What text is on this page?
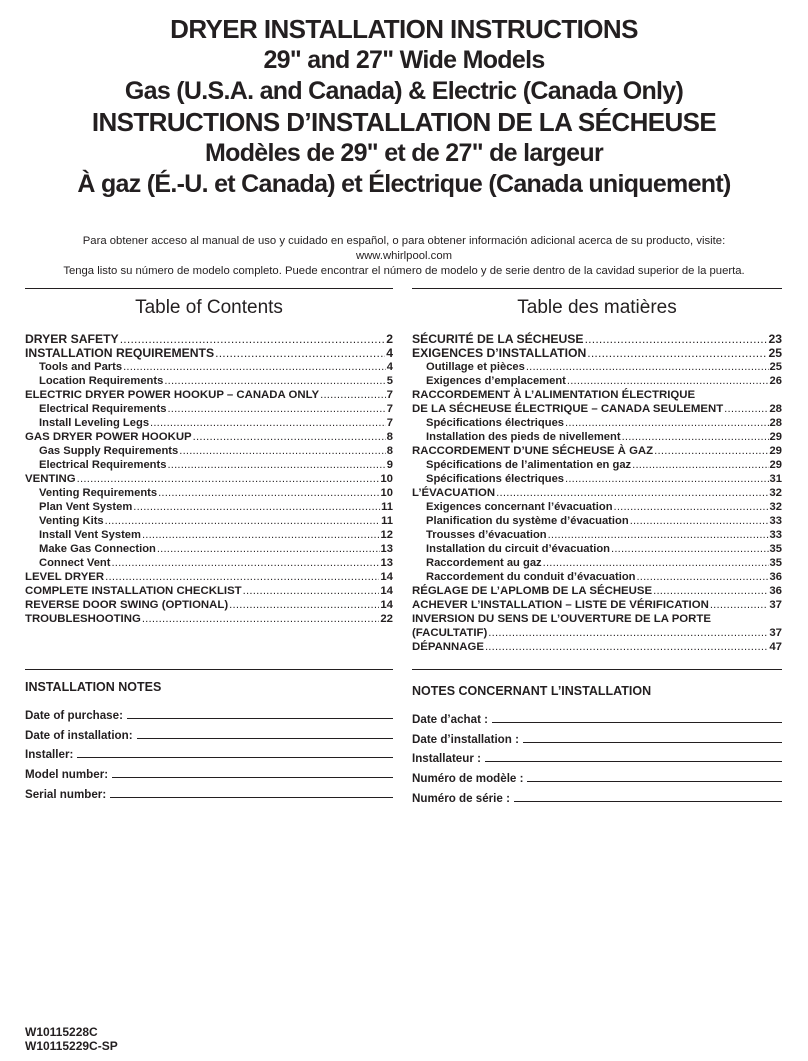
DRYER INSTALLATION INSTRUCTIONS
29" and 27" Wide Models
Gas (U.S.A. and Canada) & Electric (Canada Only)
INSTRUCTIONS D’INSTALLATION DE LA SÉCHEUSE
Modèles de 29" et de 27" de largeur
À gaz (É.-U. et Canada) et Électrique (Canada uniquement)
Para obtener acceso al manual de uso y cuidado en español, o para obtener información adicional acerca de su producto, visite:
www.whirlpool.com
Tenga listo su número de modelo completo. Puede encontrar el número de modelo y de serie dentro de la cavidad superior de la puerta.
Table of Contents
DRYER SAFETY .....	2
INSTALLATION REQUIREMENTS .....	4
Tools and Parts .....	4
Location Requirements .....	5
ELECTRIC DRYER POWER HOOKUP – CANADA ONLY .....	7
Electrical Requirements .....	7
Install Leveling Legs .....	7
GAS DRYER POWER HOOKUP .....	8
Gas Supply Requirements .....	8
Electrical Requirements .....	9
VENTING .....	10
Venting Requirements .....	10
Plan Vent System .....	11
Venting Kits .....	11
Install Vent System .....	12
Make Gas Connection .....	13
Connect Vent .....	13
LEVEL DRYER .....	14
COMPLETE INSTALLATION CHECKLIST .....	14
REVERSE DOOR SWING (OPTIONAL) .....	14
TROUBLESHOOTING .....	22
Table des matières
SÉCURITÉ DE LA SÉCHEUSE .....	23
EXIGENCES D’INSTALLATION .....	25
Outillage et pièces .....	25
Exigences d’emplacement .....	26
RACCORDEMENT À L’ALIMENTATION ÉLECTRIQUE
DE LA SÉCHEUSE ÉLECTRIQUE – CANADA SEULEMENT .....	28
Spécifications électriques .....	28
Installation des pieds de nivellement .....	29
RACCORDEMENT D’UNE SÉCHEUSE À GAZ .....	29
Spécifications de l’alimentation en gaz .....	29
Spécifications électriques .....	31
L’ÉVACUATION .....	32
Exigences concernant l’évacuation .....	32
Planification du système d’évacuation .....	33
Trousses d’évacuation .....	33
Installation du circuit d’évacuation .....	35
Raccordement au gaz .....	35
Raccordement du conduit d’évacuation .....	36
RÉGLAGE DE L’APLOMB DE LA SÉCHEUSE .....	36
ACHEVER L’INSTALLATION – LISTE DE VÉRIFICATION .....	37
INVERSION DU SENS DE L’OUVERTURE DE LA PORTE
(FACULTATIF) .....	37
DÉPANNAGE .....	47
INSTALLATION NOTES
Date of purchase:
Date of installation:
Installer:
Model number:
Serial number:
NOTES CONCERNANT L’INSTALLATION
Date d’achat :
Date d’installation :
Installateur :
Numéro de modèle :
Numéro de série :
W10115228C
W10115229C-SP
